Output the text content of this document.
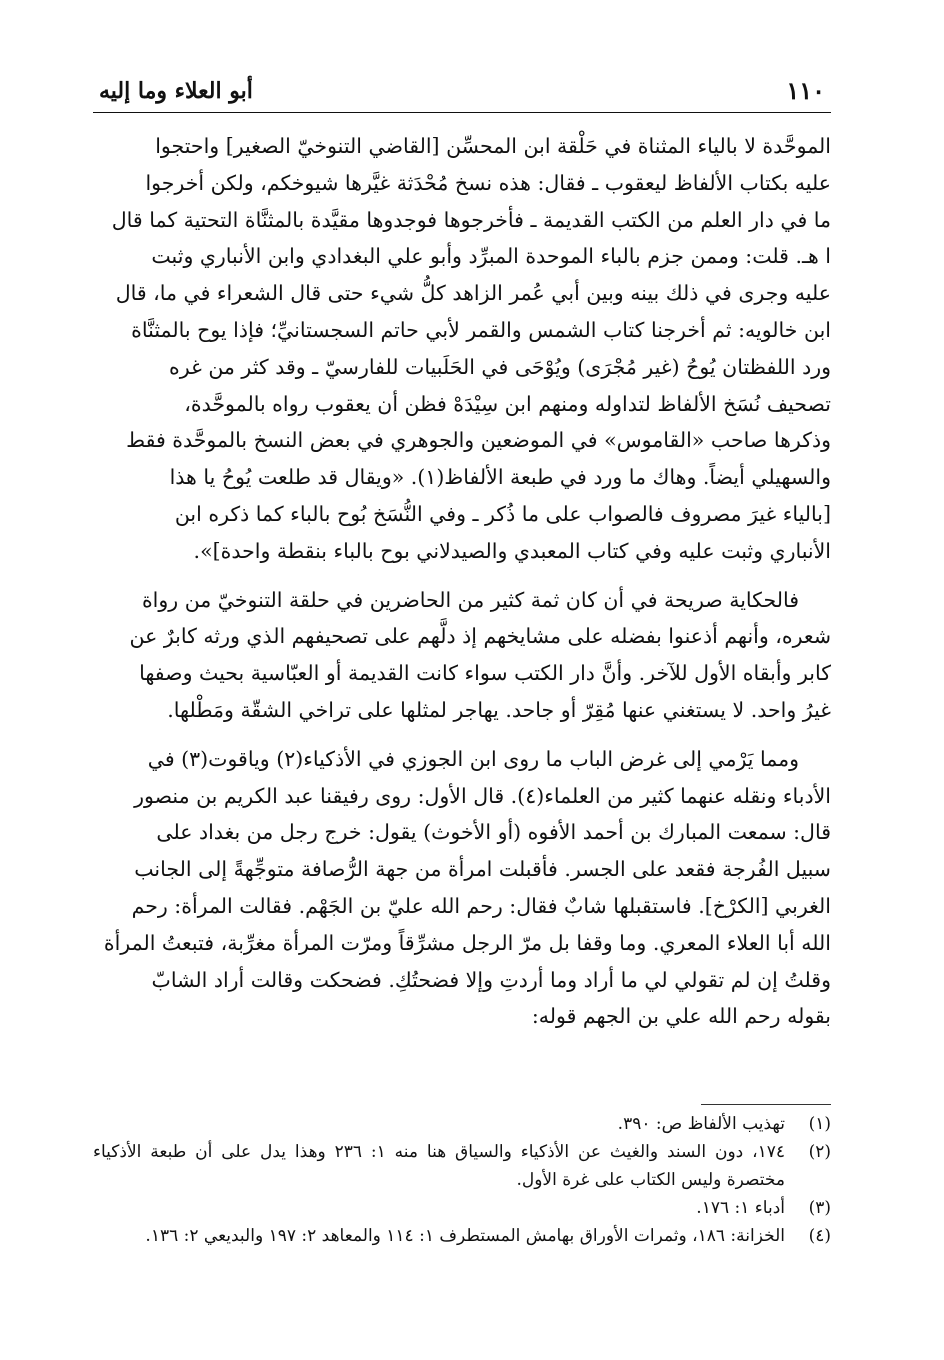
١١٠
أبو العلاء وما إليه

الموحَّدة لا بالياء المثناة في حَلْقة ابن المحسِّن [القاضي التنوخيّ الصغير] واحتجوا
عليه بكتاب الألفاظ ليعقوب ـ فقال: هذه نسخ مُحْدَثة غيَّرها شيوخكم، ولكن أخرجوا
ما في دار العلم من الكتب القديمة ـ فأخرجوها فوجدوها مقيَّدة بالمثنَّاة التحتية كما قال
ا هـ. قلت: وممن جزم بالباء الموحدة المبرِّد وأبو علي البغدادي وابن الأنباري وثبت
عليه وجرى في ذلك بينه وبين أبي عُمر الزاهد كلُّ شيء حتى قال الشعراء في ما، قال
ابن خالويه: ثم أخرجنا كتاب الشمس والقمر لأبي حاتم السجستانيِّ؛ فإذا يوح بالمثنَّاة
ورد اللفظتان يُوحُ (غير مُجْرَى) ويُوْحَى في الحَلَبيات للفارسيّ ـ وقد كثر من غره
تصحيف نُسَخ الألفاظ لتداوله ومنهم ابن سِيْدَهْ فظن أن يعقوب رواه بالموحَّدة،
وذكرها صاحب «القاموس» في الموضعين والجوهري في بعض النسخ بالموحَّدة فقط
والسهيلي أيضاً. وهاك ما ورد في طبعة الألفاظ(١). «ويقال قد طلعت يُوحُ يا هذا
[بالياء غيرَ مصروف فالصواب على ما ذُكر ـ وفي النُّسَخ بُوح بالباء كما ذكره ابن
الأنباري وثبت عليه وفي كتاب المعبدي والصيدلاني بوح بالباء بنقطة واحدة]».

فالحكاية صريحة في أن كان ثمة كثير من الحاضرين في حلقة التنوخيّ من رواة
شعره، وأنهم أذعنوا بفضله على مشايخهم إذ دلَّهم على تصحيفهم الذي ورثه كابرٌ عن
كابر وأبقاه الأول للآخر. وأنَّ دار الكتب سواء كانت القديمة أو العبّاسية بحيث وصفها
غيرُ واحد. لا يستغني عنها مُقِرّ أو جاحد. يهاجر لمثلها على تراخي الشقّة ومَطْلها.

ومما يَرْمي إلى غرض الباب ما روى ابن الجوزي في الأذكياء(٢) وياقوت(٣) في
الأدباء ونقله عنهما كثير من العلماء(٤). قال الأول: روى رفيقنا عبد الكريم بن منصور
قال: سمعت المبارك بن أحمد الأفوه (أو الأخوث) يقول: خرج رجل من بغداد على
سبيل الفُرجة فقعد على الجسر. فأقبلت امرأة من جهة الرُّصافة متوجِّهةً إلى الجانب
الغربي [الكرْخ]. فاستقبلها شابٌ فقال: رحم الله عليّ بن الجَهْم. فقالت المرأة: رحم
الله أبا العلاء المعري. وما وقفا بل مرّ الرجل مشرِّقاً ومرّت المرأة مغرِّبة، فتبعتُ المرأة
وقلتُ إن لم تقولي لي ما أراد وما أردتِ وإلا فضحتُكِ. فضحكت وقالت أراد الشابّ
بقوله رحم الله علي بن الجهم قوله:

(١)
تهذيب الألفاظ ص: ٣٩٠.
(٢)
١٧٤، دون السند والغيث عن الأذكياء والسياق هنا منه ١: ٢٣٦ وهذا يدل على أن طبعة الأذكياء مختصرة وليس الكتاب على غرة الأول.
(٣)
أدباء ١: ١٧٦.
(٤)
الخزانة: ١٨٦، وثمرات الأوراق بهامش المستطرف ١: ١١٤ والمعاهد ٢: ١٩٧ والبديعي ٢: ١٣٦.
